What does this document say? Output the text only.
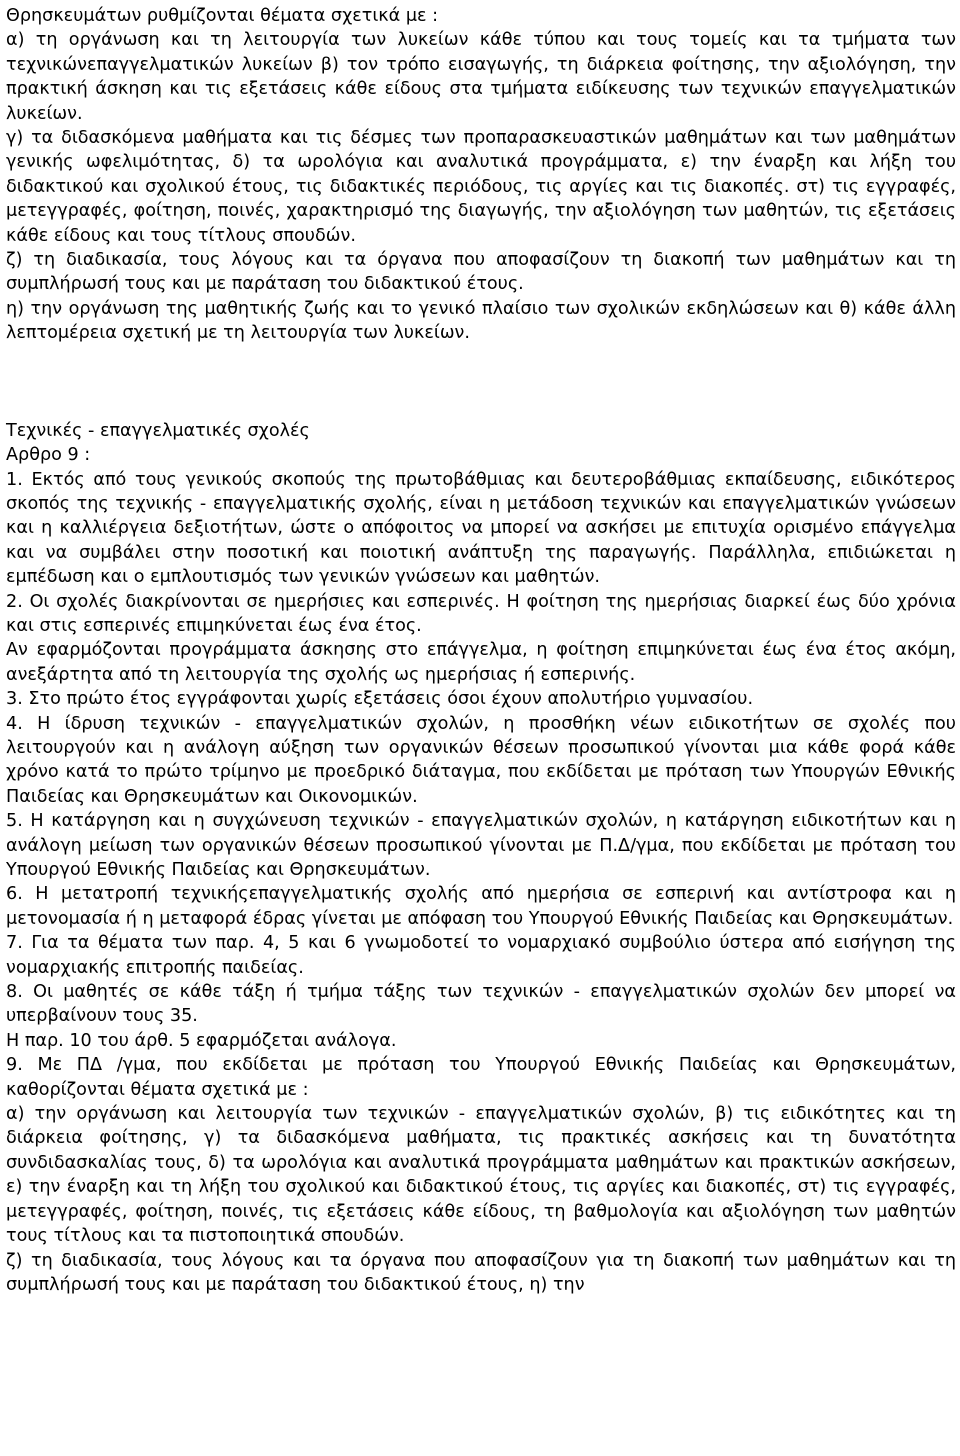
Θρησκευμάτων ρυθμίζονται θέματα σχετικά με :

α) τη οργάνωση και τη λειτουργία των λυκείων κάθε τύπου και τους τομείς και τα τμήματα των τεχνικώνεπαγγελματικών λυκείων β) τον τρόπο εισαγωγής, τη διάρκεια φοίτησης, την αξιολόγηση, την πρακτική άσκηση και τις εξετάσεις κάθε είδους στα τμήματα ειδίκευσης των τεχνικών επαγγελματικών λυκείων.

γ) τα διδασκόμενα μαθήματα και τις δέσμες των προπαρασκευαστικών μαθημάτων και των μαθημάτων γενικής ωφελιμότητας, δ) τα ωρολόγια και αναλυτικά προγράμματα, ε) την έναρξη και λήξη του διδακτικού και σχολικού έτους, τις διδακτικές περιόδους, τις αργίες και τις διακοπές. στ) τις εγγραφές, μετεγγραφές, φοίτηση, ποινές, χαρακτηρισμό της διαγωγής, την αξιολόγηση των μαθητών, τις εξετάσεις κάθε είδους και τους τίτλους σπουδών.

ζ) τη διαδικασία, τους λόγους και τα όργανα που αποφασίζουν τη διακοπή των μαθημάτων και τη συμπλήρωσή τους και με παράταση του διδακτικού έτους.

η) την οργάνωση της μαθητικής ζωής και το γενικό πλαίσιο των σχολικών εκδηλώσεων και θ) κάθε άλλη λεπτομέρεια σχετική με τη λειτουργία των λυκείων.

Τεχνικές - επαγγελματικές σχολές

Αρθρο 9 :

1. Εκτός από τους γενικούς σκοπούς της πρωτοβάθμιας και δευτεροβάθμιας εκπαίδευσης, ειδικότερος σκοπός της τεχνικής - επαγγελματικής σχολής, είναι η μετάδοση τεχνικών και επαγγελματικών γνώσεων και η καλλιέργεια δεξιοτήτων, ώστε ο απόφοιτος να μπορεί να ασκήσει με επιτυχία ορισμένο επάγγελμα και να συμβάλει στην ποσοτική και ποιοτική ανάπτυξη της παραγωγής. Παράλληλα, επιδιώκεται η εμπέδωση και ο εμπλουτισμός των γενικών γνώσεων και μαθητών.

2. Οι σχολές διακρίνονται σε ημερήσιες και εσπερινές. Η φοίτηση της ημερήσιας διαρκεί έως δύο χρόνια και στις εσπερινές επιμηκύνεται έως ένα έτος.

Αν εφαρμόζονται προγράμματα άσκησης στο επάγγελμα, η φοίτηση επιμηκύνεται έως ένα έτος ακόμη, ανεξάρτητα από τη λειτουργία της σχολής ως ημερήσιας ή εσπερινής.

3. Στο πρώτο έτος εγγράφονται χωρίς εξετάσεις όσοι έχουν απολυτήριο γυμνασίου.

4. Η ίδρυση τεχνικών - επαγγελματικών σχολών, η προσθήκη νέων ειδικοτήτων σε σχολές που λειτουργούν και η ανάλογη αύξηση των οργανικών θέσεων προσωπικού γίνονται μια κάθε φορά κάθε χρόνο κατά το πρώτο τρίμηνο με προεδρικό διάταγμα, που εκδίδεται με πρόταση των Υπουργών Εθνικής Παιδείας και Θρησκευμάτων και Οικονομικών.

5. Η κατάργηση και η συγχώνευση τεχνικών - επαγγελματικών σχολών, η κατάργηση ειδικοτήτων και η ανάλογη μείωση των οργανικών θέσεων προσωπικού γίνονται με Π.Δ/γμα, που εκδίδεται με πρόταση του Υπουργού Εθνικής Παιδείας και Θρησκευμάτων.

6. Η μετατροπή τεχνικήςεπαγγελματικής σχολής από ημερήσια σε εσπερινή και αντίστροφα και η μετονομασία ή η μεταφορά έδρας γίνεται με απόφαση του Υπουργού Εθνικής Παιδείας και Θρησκευμάτων.

7. Για τα θέματα των παρ. 4, 5 και 6 γνωμοδοτεί το νομαρχιακό συμβούλιο ύστερα από εισήγηση της νομαρχιακής επιτροπής παιδείας.

8. Οι μαθητές σε κάθε τάξη ή τμήμα τάξης των τεχνικών - επαγγελματικών σχολών δεν μπορεί να υπερβαίνουν τους 35.

Η παρ. 10 του άρθ. 5 εφαρμόζεται ανάλογα.

9. Με ΠΔ /γμα, που εκδίδεται με πρόταση του Υπουργού Εθνικής Παιδείας και Θρησκευμάτων, καθορίζονται θέματα σχετικά με :

α) την οργάνωση και λειτουργία των τεχνικών - επαγγελματικών σχολών, β) τις ειδικότητες και τη διάρκεια φοίτησης, γ) τα διδασκόμενα μαθήματα, τις πρακτικές ασκήσεις και τη δυνατότητα συνδιδασκαλίας τους, δ) τα ωρολόγια και αναλυτικά προγράμματα μαθημάτων και πρακτικών ασκήσεων, ε) την έναρξη και τη λήξη του σχολικού και διδακτικού έτους, τις αργίες και διακοπές, στ) τις εγγραφές, μετεγγραφές, φοίτηση, ποινές, τις εξετάσεις κάθε είδους, τη βαθμολογία και αξιολόγηση των μαθητών τους τίτλους και τα πιστοποιητικά σπουδών.

ζ) τη διαδικασία, τους λόγους και τα όργανα που αποφασίζουν για τη διακοπή των μαθημάτων και τη συμπλήρωσή τους και με παράταση του διδακτικού έτους, η) την
